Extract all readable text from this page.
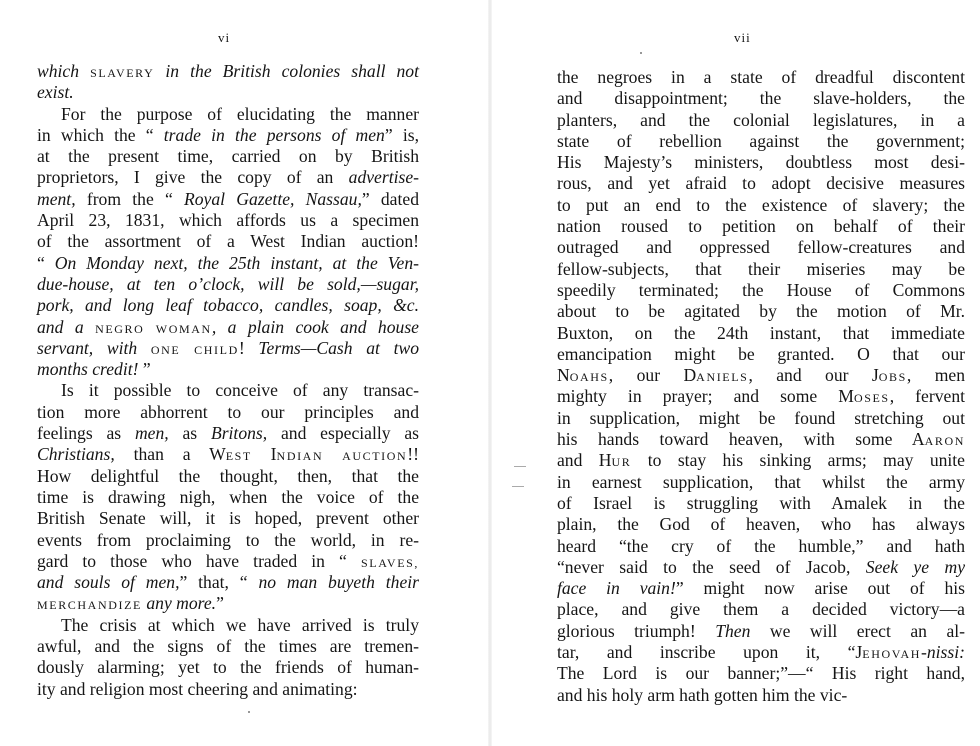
vi
which SLAVERY in the British colonies shall not
exist.
For the purpose of elucidating the manner
in which the “ trade in the persons of men” is,
at the present time, carried on by British
proprietors, I give the copy of an advertise-
ment, from the “ Royal Gazette, Nassau,” dated
April 23, 1831, which affords us a specimen
of the assortment of a West Indian auction!
“ On Monday next, the 25th instant, at the Ven-
due-house, at ten o’clock, will be sold,—sugar,
pork, and long leaf tobacco, candles, soap, &c.
and a NEGRO WOMAN, a plain cook and house
servant, with ONE CHILD! Terms—Cash at two
months credit! ”
Is it possible to conceive of any transac-
tion more abhorrent to our principles and
feelings as men, as Britons, and especially as
Christians, than a WEST INDIAN AUCTION!!
How delightful the thought, then, that the
time is drawing nigh, when the voice of the
British Senate will, it is hoped, prevent other
events from proclaiming to the world, in re-
gard to those who have traded in “ SLAVES,
and souls of men,” that, “ no man buyeth their
MERCHANDIZE any more.”
The crisis at which we have arrived is truly
awful, and the signs of the times are tremen-
dously alarming; yet to the friends of human-
ity and religion most cheering and animating:
vii
the negroes in a state of dreadful discontent
and disappointment; the slave-holders, the
planters, and the colonial legislatures, in a
state of rebellion against the government;
His Majesty’s ministers, doubtless most desi-
rous, and yet afraid to adopt decisive measures
to put an end to the existence of slavery; the
nation roused to petition on behalf of their
outraged and oppressed fellow-creatures and
fellow-subjects, that their miseries may be
speedily terminated; the House of Commons
about to be agitated by the motion of Mr.
Buxton, on the 24th instant, that immediate
emancipation might be granted. O that our
NOAHS, our DANIELS, and our JOBS, men
mighty in prayer; and some MOSES, fervent
in supplication, might be found stretching out
his hands toward heaven, with some AARON
and HUR to stay his sinking arms; may unite
in earnest supplication, that whilst the army
of Israel is struggling with Amalek in the
plain, the God of heaven, who has always
heard “the cry of the humble,” and hath
“never said to the seed of Jacob, Seek ye my
face in vain!” might now arise out of his
place, and give them a decided victory—a
glorious triumph! Then we will erect an al-
tar, and inscribe upon it, “JEHOVAH-nissi:
The Lord is our banner;”—“ His right hand,
and his holy arm hath gotten him the vic-
